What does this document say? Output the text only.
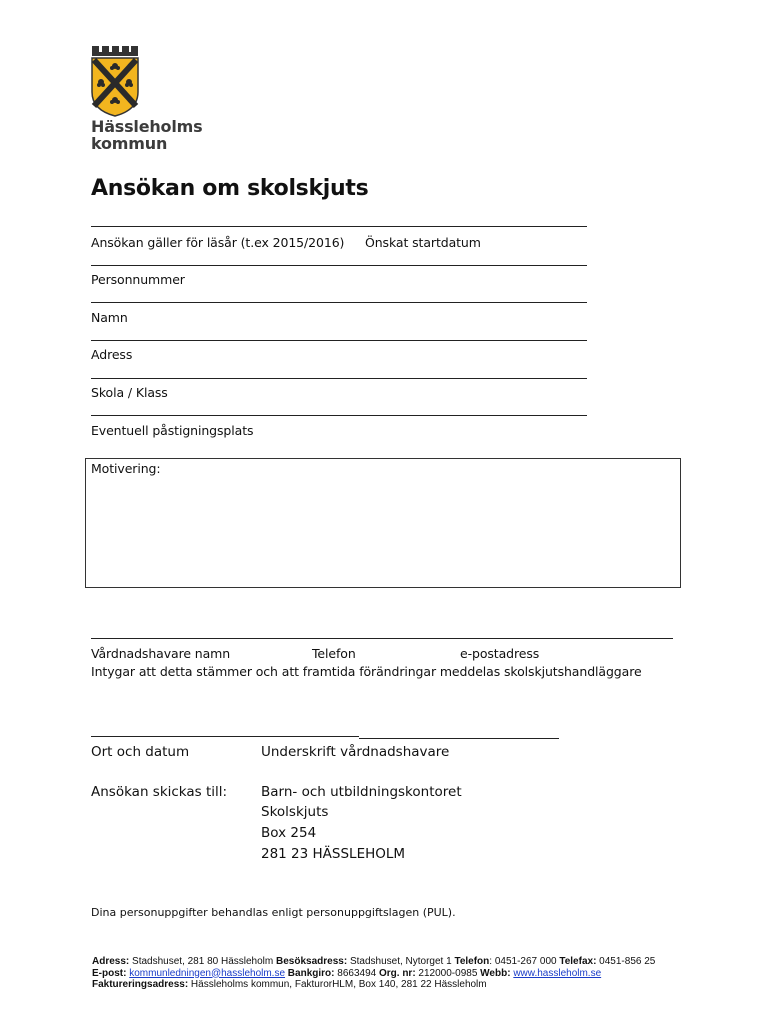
Hässleholms
kommun
Ansökan om skolskjuts
Ansökan gäller för läsår (t.ex 2015/2016) Önskat startdatum
Personnummer
Namn
Adress
Skola / Klass
Eventuell påstigningsplats
Motivering:
Vårdnadshavare namn	Telefon	e-postadress
Intygar att detta stämmer och att framtida förändringar meddelas skolskjutshandläggare
Ort och datum	Underskrift vårdnadshavare
Ansökan skickas till:	Barn- och utbildningskontoret
Skolskjuts
Box 254
281 23 HÄSSLEHOLM
Dina personuppgifter behandlas enligt personuppgiftslagen (PUL).
Adress: Stadshuset, 281 80 Hässleholm Besöksadress: Stadshuset, Nytorget 1 Telefon: 0451-267 000 Telefax: 0451-856 25
E-post: kommunledningen@hassleholm.se Bankgiro: 8663494 Org. nr: 212000-0985 Webb: www.hassleholm.se
Faktureringsadress: Hässleholms kommun, FakturorHLM, Box 140, 281 22 Hässleholm
